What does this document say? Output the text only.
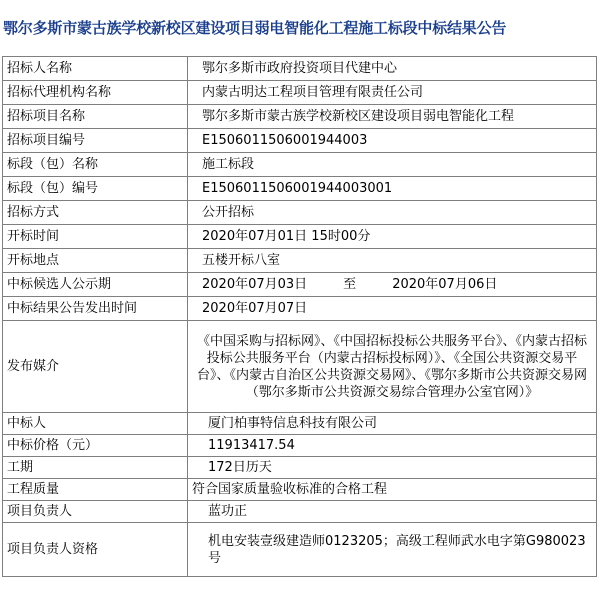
鄂尔多斯市蒙古族学校新校区建设项目弱电智能化工程施工标段中标结果公告
招标人名称	鄂尔多斯市政府投资项目代建中心
招标代理机构名称	内蒙古明达工程项目管理有限责任公司
招标项目名称	鄂尔多斯市蒙古族学校新校区建设项目弱电智能化工程
招标项目编号	E1506011506001944003
标段（包）名称	施工标段
标段（包）编号	E1506011506001944003001
招标方式	公开招标
开标时间	2020年07月01日 15时00分
开标地点	五楼开标八室
中标候选人公示期	2020年07月03日 至 2020年07月06日
中标结果公告发出时间	2020年07月07日
发布媒介	《中国采购与招标网》、《中国招标投标公共服务平台》、《内蒙古招标投标公共服务平台（内蒙古招标投标网）》、《全国公共资源交易平台》、《内蒙古自治区公共资源交易网》、《鄂尔多斯市公共资源交易网（鄂尔多斯市公共资源交易综合管理办公室官网）》
中标人	厦门柏事特信息科技有限公司
中标价格（元）	11913417.54
工期	172日历天
工程质量	符合国家质量验收标准的合格工程
项目负责人	蓝功正
项目负责人资格	机电安装壹级建造师0123205；高级工程师武水电字第G980023号
